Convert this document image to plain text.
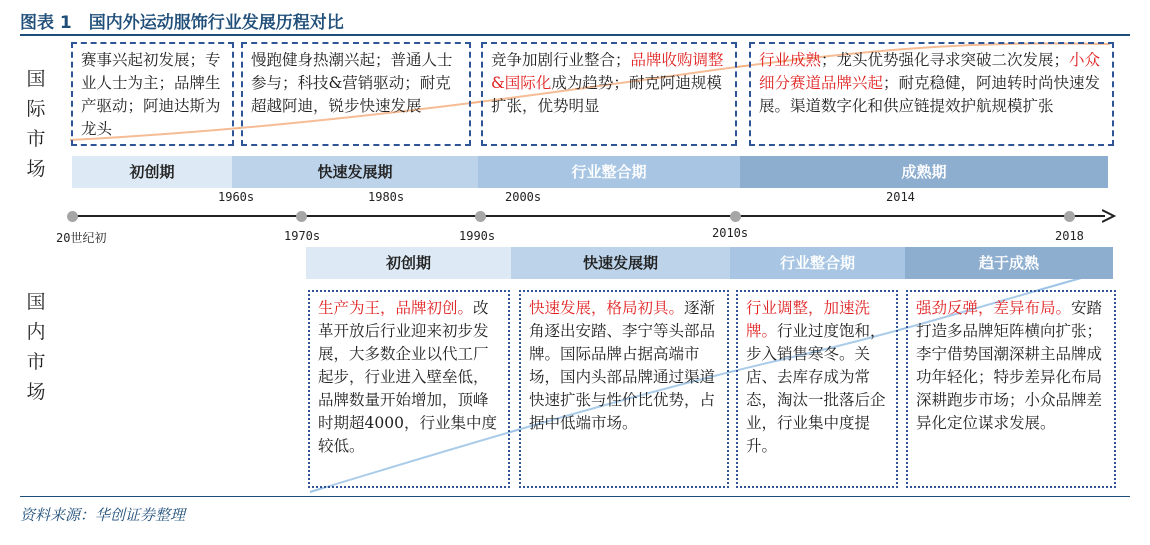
图表 1　国内外运动服饰行业发展历程对比
国
际
市
场
赛事兴起初发展；专业人士为主；品牌生产驱动；阿迪达斯为龙头
慢跑健身热潮兴起；普通人士参与；科技&营销驱动；耐克超越阿迪，锐步快速发展
竞争加剧行业整合；品牌收购调整&国际化成为趋势；耐克阿迪规模扩张，优势明显
行业成熟；龙头优势强化寻求突破二次发展；小众细分赛道品牌兴起；耐克稳健，阿迪转时尚快速发展。渠道数字化和供应链提效护航规模扩张
初创期	快速发展期	行业整合期	成熟期
1960s	1980s	2000s	2014
20世纪初	1970s	1990s	2010s	2018
初创期	快速发展期	行业整合期	趋于成熟
国
内
市
场
生产为王，品牌初创。改革开放后行业迎来初步发展，大多数企业以代工厂起步，行业进入壁垒低，品牌数量开始增加，顶峰时期超4000，行业集中度较低。
快速发展，格局初具。逐渐角逐出安踏、李宁等头部品牌。国际品牌占据高端市场，国内头部品牌通过渠道快速扩张与性价比优势，占据中低端市场。
行业调整，加速洗牌。行业过度饱和，步入销售寒冬。关店、去库存成为常态，淘汰一批落后企业，行业集中度提升。
强劲反弹，差异布局。安踏打造多品牌矩阵横向扩张；李宁借势国潮深耕主品牌成功年轻化；特步差异化布局深耕跑步市场；小众品牌差异化定位谋求发展。
资料来源：华创证券整理
